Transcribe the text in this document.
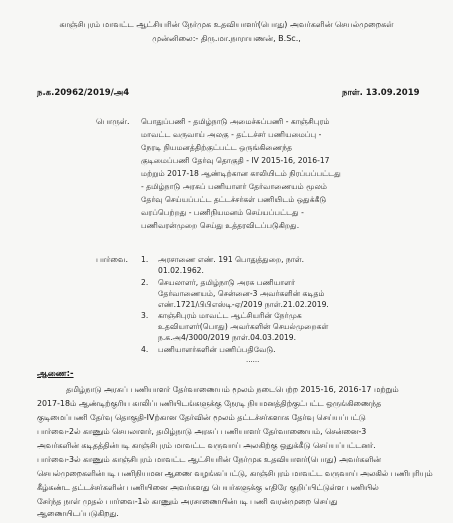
காஞ்சிபுரம் மாவட்ட ஆட்சியரின் நேர்முக உதவியாளர்(பொது) அவர்களின் செயல்முறைகள்
முன்னிலை:- திரு.மா.நாராயணன், B.Sc.,
ந.க.20962/2019/அ4	நாள். 13.09.2019
பொருள். பொதுப்பணி - தமிழ்நாடு அமைச்சுப்பணி - காஞ்சிபுரம்
மாவட்ட வருவாய் அலகு - தட்டச்சர் பணியமைப்பு -
நேரடி நியமனத்திற்குட்பட்ட ஒருங்கிணைந்த
குடிமைப்பணி தேர்வு தொகுதி - IV 2015-16, 2016-17
மற்றும் 2017-18 ஆண்டிற்கான காலியிடம் நிரப்பப்பட்டது
- தமிழ்நாடு அரசுப் பணியாளர் தேர்வாணையம் மூலம்
தேர்வு செய்யப்பட்ட தட்டச்சர்கள் பணியிடம் ஒதுக்கீடு
வரப்பெற்றது - பணிநியமனம் செய்யப்பட்டது -
பணிவரன்முறை செய்து உத்தரவிடப்படுகிறது.
பார்வை. 1. அரசாணை எண். 191 பொதுத்துறை, நாள்.
01.02.1962.
2. செயலாளர், தமிழ்நாடு அரசு பணியாளர்
தேர்வாணையம், சென்னை-3 அவர்களின் கடிதம்
எண்.1721/பிபிஎஸ்டி-ஏ/2019 நாள்.21.02.2019.
3. காஞ்சிபுரம் மாவட்ட ஆட்சியரின் நேர்முக
உதவியாளர்(பொது) அவர்களின் செயல்முறைகள்
ந.க.அ4/3000/2019 நாள்.04.03.2019.
4. பணியாளர்களின் பணிப்பதிவேடு.
......
ஆணை:-
தமிழ்நாடு அரசுப் பணியாளர் தேர்வாணையம் மூலம் நடைபெற்ற 2015-16, 2016-17 மற்றும்
2017-18ம் ஆண்டிற்குரிய காலிப்பணியிடங்களுக்கு நேரடி நியமனத்திற்குட்பட்ட ஒருங்கிணைந்த
குடிமைப்பணி தேர்வு தொகுதி-IVற்கான தேர்வின் மூலம் தட்டச்சர்களாக தேர்வு செய்யப்பட்டு
பார்வை-2ல் காணும் செயலாளர், தமிழ்நாடு அரசுப் பணியாளர் தேர்வாணையம், சென்னை-3
அவர்களின் கடிதத்தின்படி காஞ்சிபுரம் மாவட்ட வருவாய் அலகிற்கு ஒதுக்கீடு செய்யப்பட்டனர்.
பார்வை-3ல் காணும் காஞ்சிபுரம் மாவட்ட ஆட்சியரின் நேர்முக உதவியாளர்(பொது) அவர்களின்
செயல்முறைகளின்படி பணிநியமன ஆணை வழங்கப்பட்டு, காஞ்சிபுரம் மாவட்ட வருவாய் அலகில் பணிபுரியும்
கீழ்கண்ட தட்டச்சர்களின் பணியினை அவர்களது பெயர்களுக்கு எதிரே குறிப்பிட்டுள்ள பணியில்
சேர்ந்த நாள் முதல் பார்வை-1ல் காணும் அரசாணையின்படி பணி வரன்முறை செய்து
ஆணையிடப்படுகிறது.
